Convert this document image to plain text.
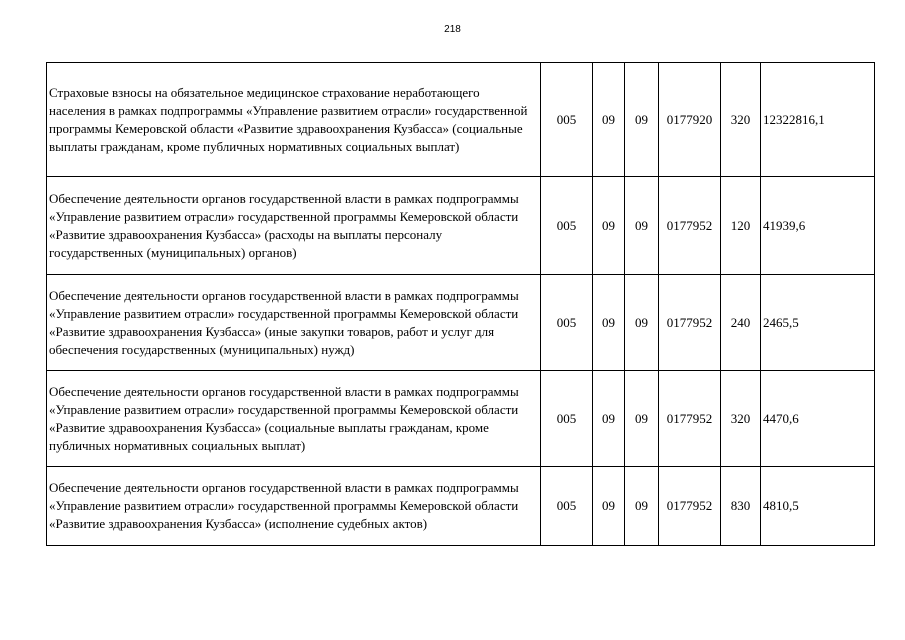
218
Страховые взносы на обязательное медицинское страхование неработающего населения в рамках подпрограммы «Управление развитием отрасли» государственной программы Кемеровской области «Развитие здравоохранения Кузбасса» (социальные выплаты гражданам, кроме публичных нормативных социальных выплат)	005	09	09	0177920	320	12322816,1
Обеспечение деятельности органов государственной власти в рамках подпрограммы «Управление развитием отрасли» государственной программы Кемеровской области «Развитие здравоохранения Кузбасса» (расходы на выплаты персоналу государственных (муниципальных) органов)	005	09	09	0177952	120	41939,6
Обеспечение деятельности органов государственной власти в рамках подпрограммы «Управление развитием отрасли» государственной программы Кемеровской области «Развитие здравоохранения Кузбасса» (иные закупки товаров, работ и услуг для обеспечения государственных (муниципальных) нужд)	005	09	09	0177952	240	2465,5
Обеспечение деятельности органов государственной власти в рамках подпрограммы «Управление развитием отрасли» государственной программы Кемеровской области «Развитие здравоохранения Кузбасса» (социальные выплаты гражданам, кроме публичных нормативных социальных выплат)	005	09	09	0177952	320	4470,6
Обеспечение деятельности органов государственной власти в рамках подпрограммы «Управление развитием отрасли» государственной программы Кемеровской области «Развитие здравоохранения Кузбасса» (исполнение судебных актов)	005	09	09	0177952	830	4810,5
